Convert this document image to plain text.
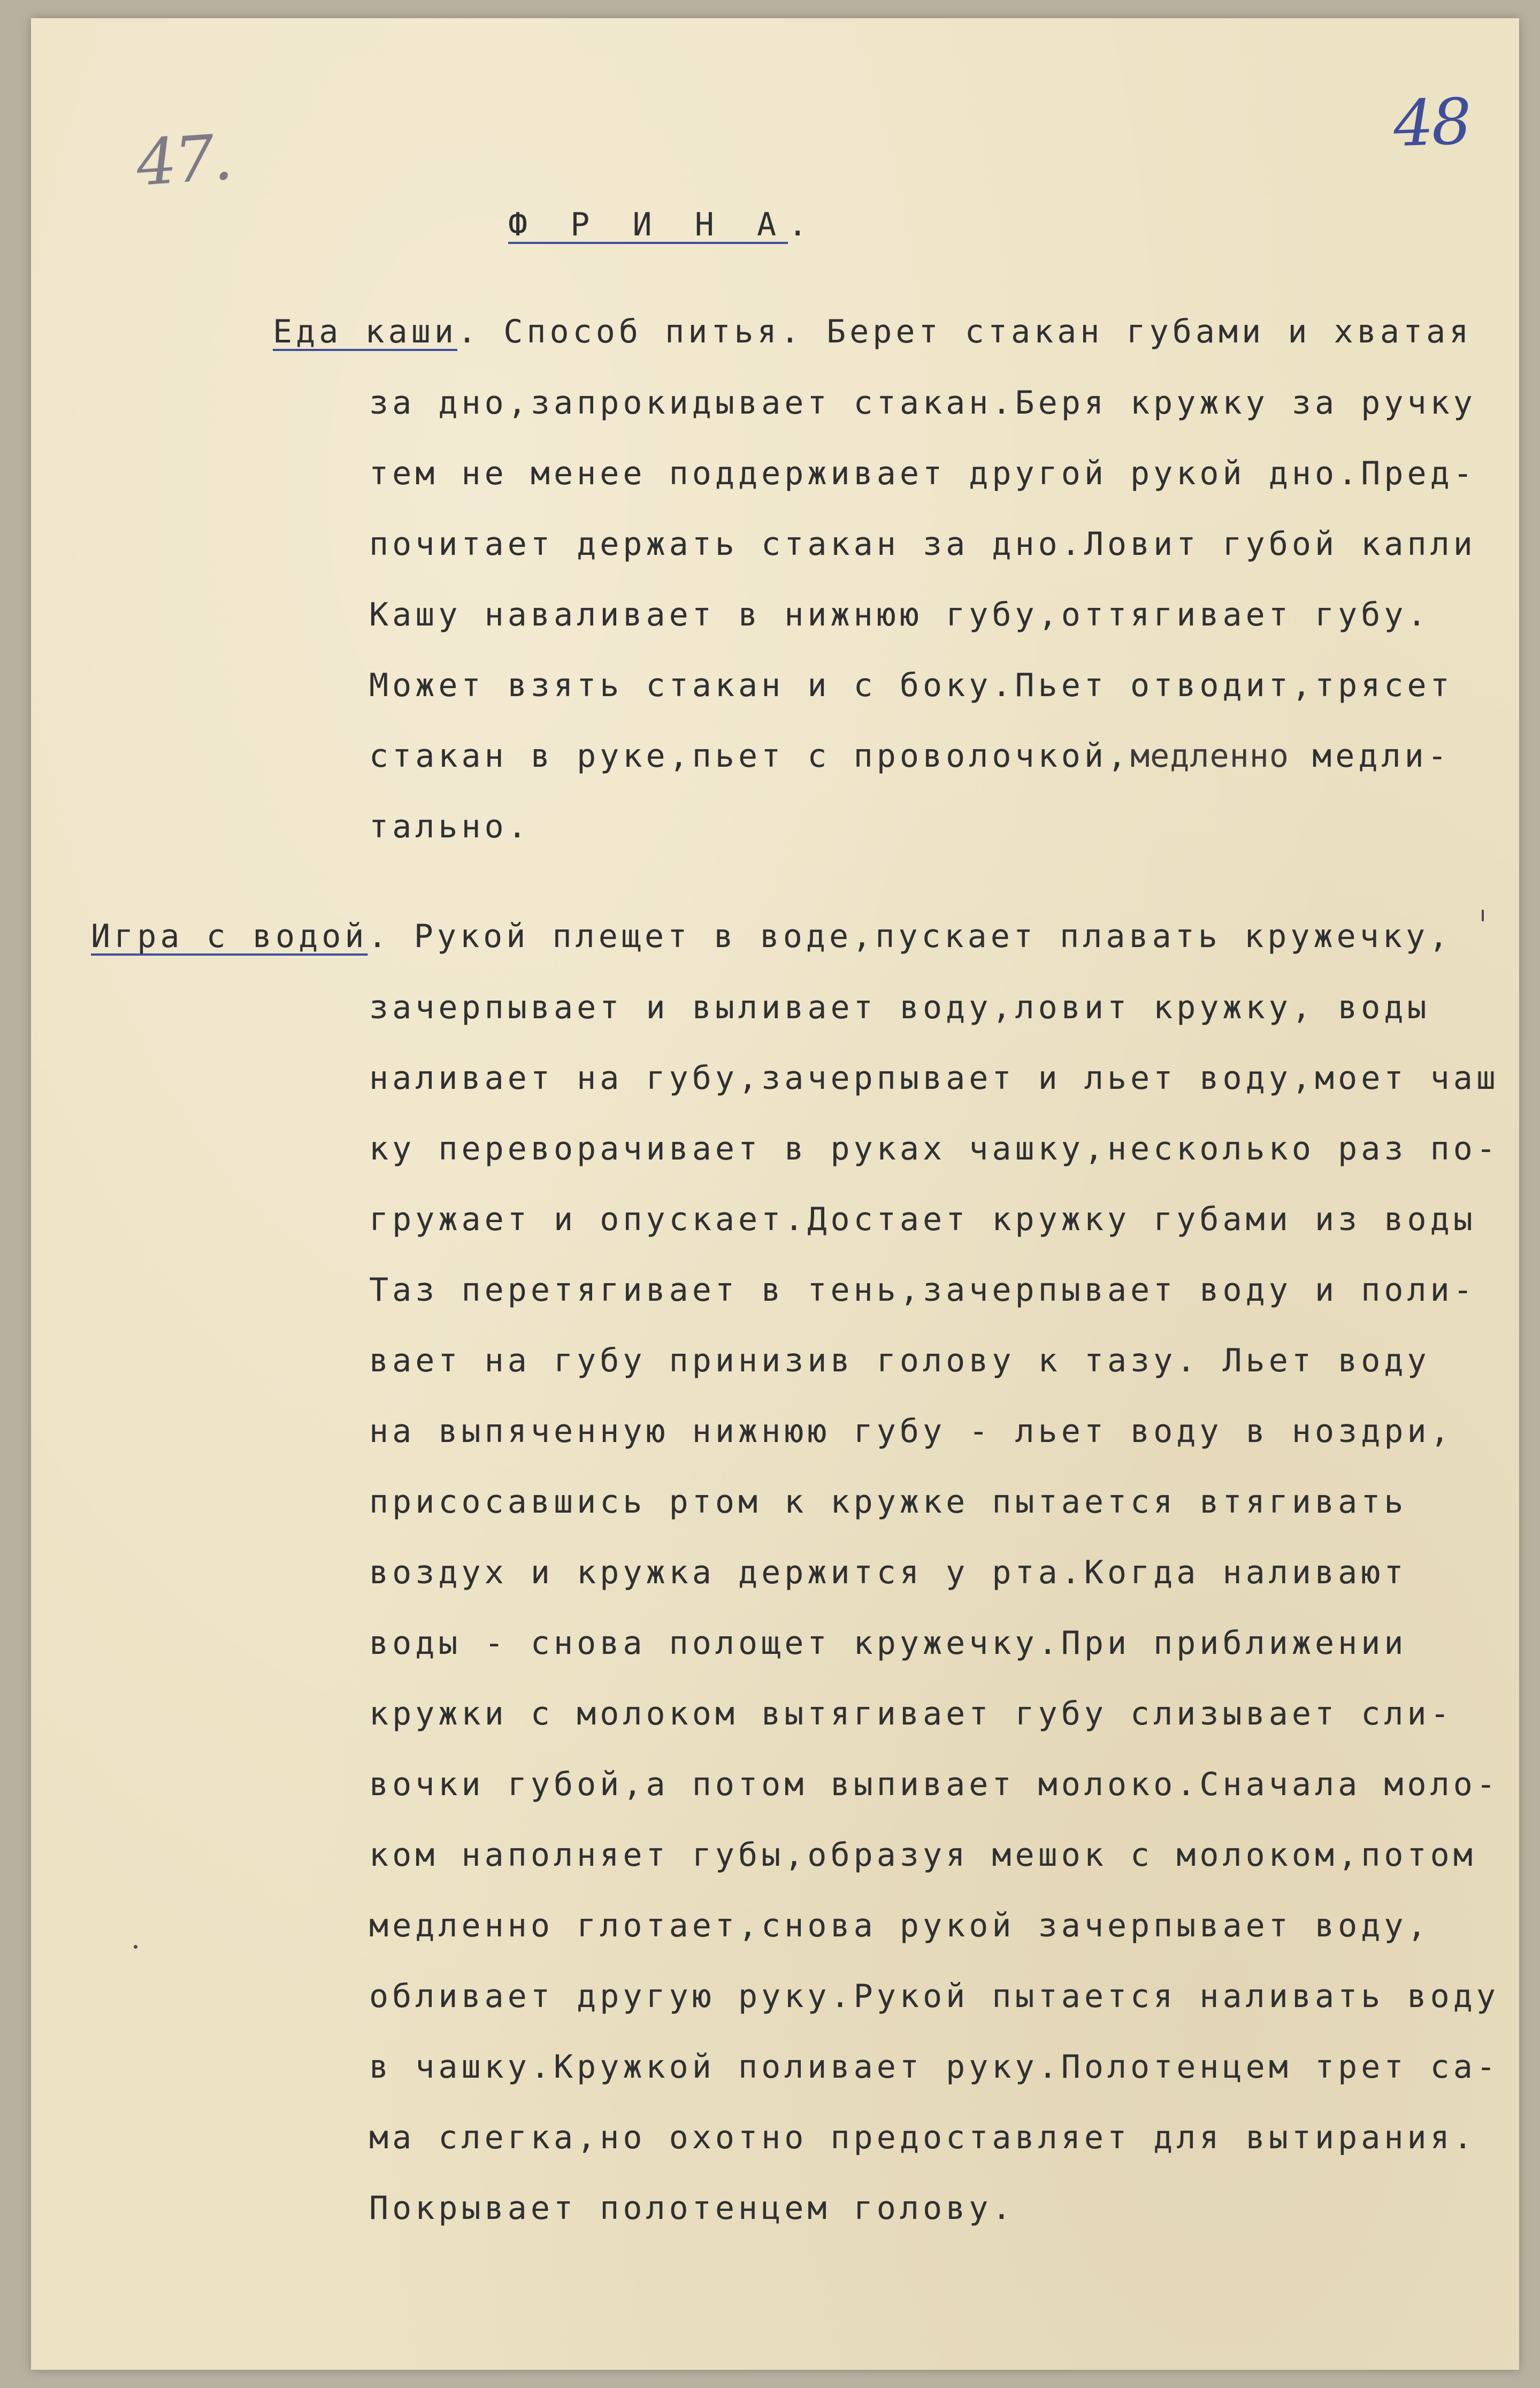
47.	48
Ф Р И Н А.
Еда каши. Способ питья. Берет стакан губами и хватая
за дно,запрокидывает стакан.Беря кружку за ручку
тем не менее поддерживает другой рукой дно.Пред-
почитает держать стакан за дно.Ловит губой капли
Кашу наваливает в нижнюю губу,оттягивает губу.
Может взять стакан и с боку.Пьет отводит,трясет
стакан в руке,пьет с проволочкой,медленно медли-
тально.
Игра с водой. Рукой плещет в воде,пускает плавать кружечку,
зачерпывает и выливает воду,ловит кружку, воды
наливает на губу,зачерпывает и льет воду,моет чаш
ку переворачивает в руках чашку,несколько раз по-
гружает и опускает.Достает кружку губами из воды
Таз перетягивает в тень,зачерпывает воду и поли-
вает на губу принизив голову к тазу. Льет воду
на выпяченную нижнюю губу - льет воду в ноздри,
присосавшись ртом к кружке пытается втягивать
воздух и кружка держится у рта.Когда наливают
воды - снова полощет кружечку.При приближении
кружки с молоком вытягивает губу слизывает сли-
вочки губой,а потом выпивает молоко.Сначала моло-
ком наполняет губы,образуя мешок с молоком,потом
медленно глотает,снова рукой зачерпывает воду,
обливает другую руку.Рукой пытается наливать воду
в чашку.Кружкой поливает руку.Полотенцем трет са-
ма слегка,но охотно предоставляет для вытирания.
Покрывает полотенцем голову.
